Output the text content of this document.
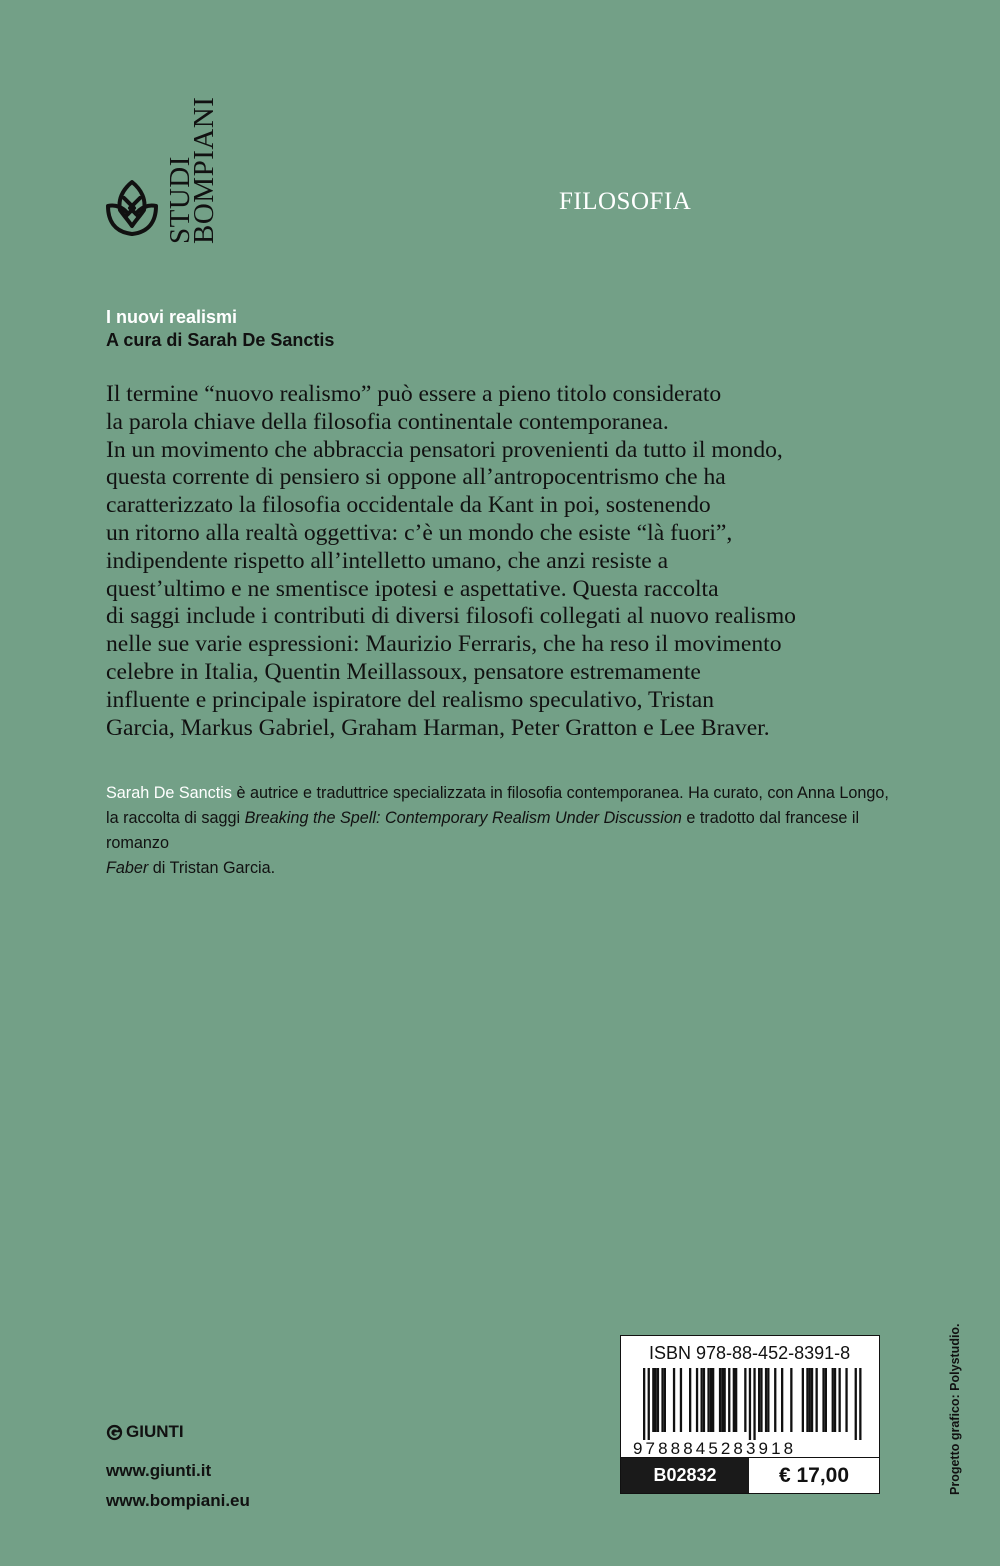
STUDI
BOMPIANI	FILOSOFIA
I nuovi realismi
A cura di Sarah De Sanctis

Il termine “nuovo realismo” può essere a pieno titolo considerato

la parola chiave della filosofia continentale contemporanea.

In un movimento che abbraccia pensatori provenienti da tutto il mondo,

questa corrente di pensiero si oppone all’antropocentrismo che ha

caratterizzato la filosofia occidentale da Kant in poi, sostenendo

un ritorno alla realtà oggettiva: c’è un mondo che esiste “là fuori”,

indipendente rispetto all’intelletto umano, che anzi resiste a

quest’ultimo e ne smentisce ipotesi e aspettative. Questa raccolta

di saggi include i contributi di diversi filosofi collegati al nuovo realismo

nelle sue varie espressioni: Maurizio Ferraris, che ha reso il movimento

celebre in Italia, Quentin Meillassoux, pensatore estremamente

influente e principale ispiratore del realismo speculativo, Tristan

Garcia, Markus Gabriel, Graham Harman, Peter Gratton e Lee Braver.

Sarah De Sanctis è autrice e traduttrice specializzata in filosofia contemporanea. Ha curato, con Anna Longo, la raccolta di saggi Breaking the Spell: Contemporary Realism Under Discussion e tradotto dal francese il romanzo
Faber di Tristan Garcia.
GIUNTI
www.giunti.it
www.bompiani.eu
Progetto grafico: Polystudio.
ISBN 978-88-452-8391-8
9788845283918
B02832	€ 17,00
